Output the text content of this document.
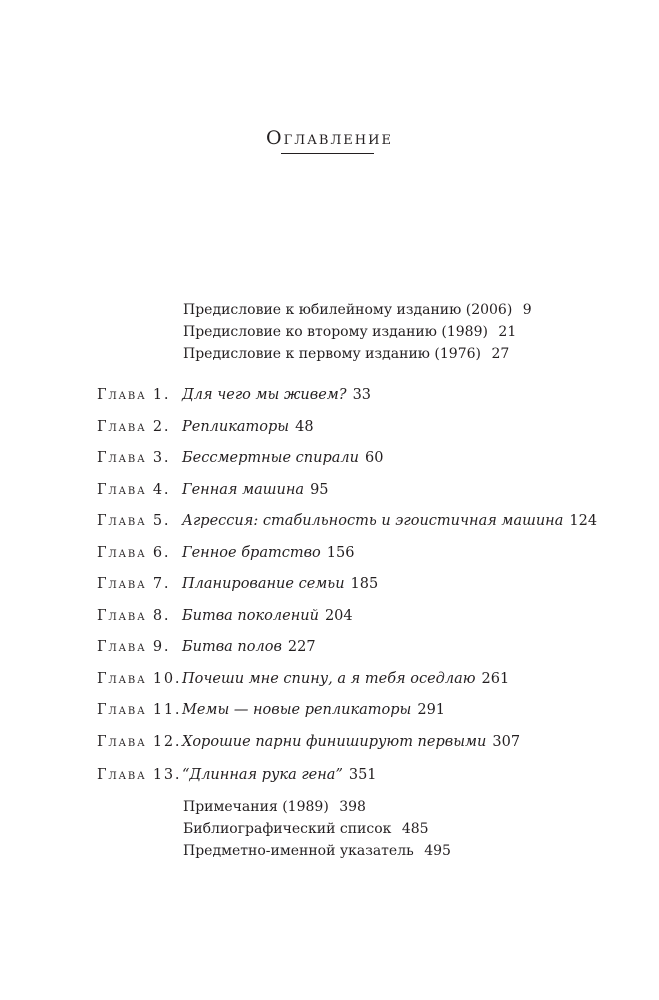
Оглавление
Предисловие к юбилейному изданию (2006) 9
Предисловие ко второму изданию (1989) 21
Предисловие к первому изданию (1976) 27
Глава 1. Для чего мы живем? 33
Глава 2. Репликаторы 48
Глава 3. Бессмертные спирали 60
Глава 4. Генная машина 95
Глава 5. Агрессия: стабильность и эгоистичная машина 124
Глава 6. Генное братство 156
Глава 7. Планирование семьи 185
Глава 8. Битва поколений 204
Глава 9. Битва полов 227
Глава 10. Почеши мне спину, а я тебя оседлаю 261
Глава 11. Мемы — новые репликаторы 291
Глава 12. Хорошие парни финишируют первыми 307
Глава 13. “Длинная рука гена” 351
Примечания (1989) 398
Библиографический список 485
Предметно-именной указатель 495
